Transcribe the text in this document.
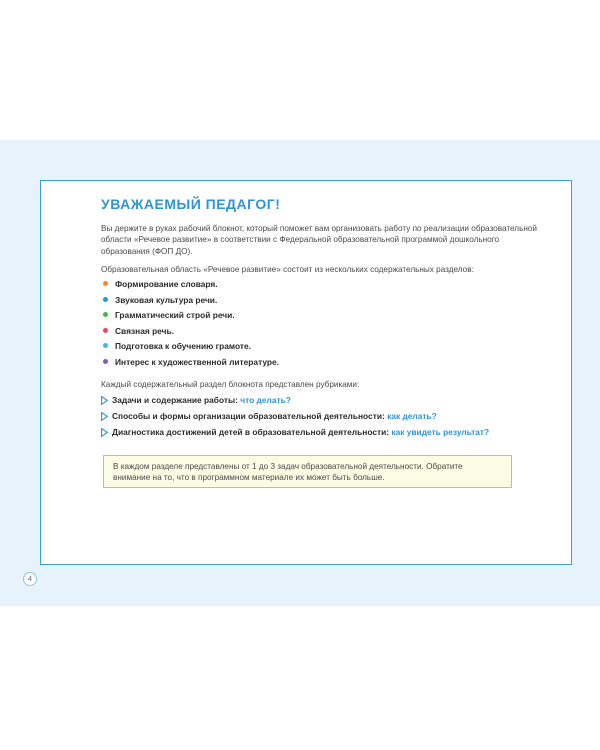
УВАЖАЕМЫЙ ПЕДАГОГ!

Вы держите в руках рабочий блокнот, который поможет вам организовать работу по реализации образовательной области «Речевое развитие» в соответствии с Федеральной образовательной программой дошкольного образования (ФОП ДО).

Образовательная область «Речевое развитие» состоит из нескольких содержательных разделов:

Формирование словаря.
Звуковая культура речи.
Грамматический строй речи.
Связная речь.
Подготовка к обучению грамоте.
Интерес к художественной литературе.

Каждый содержательный раздел блокнота представлен рубриками:

Задачи и содержание работы: что делать?
Способы и формы организации образовательной деятельности: как делать?
Диагностика достижений детей в образовательной деятельности: как увидеть результат?
В каждом разделе представлены от 1 до 3 задач образовательной деятельности. Обратите внимание на то, что в программном материале их может быть больше.
4
